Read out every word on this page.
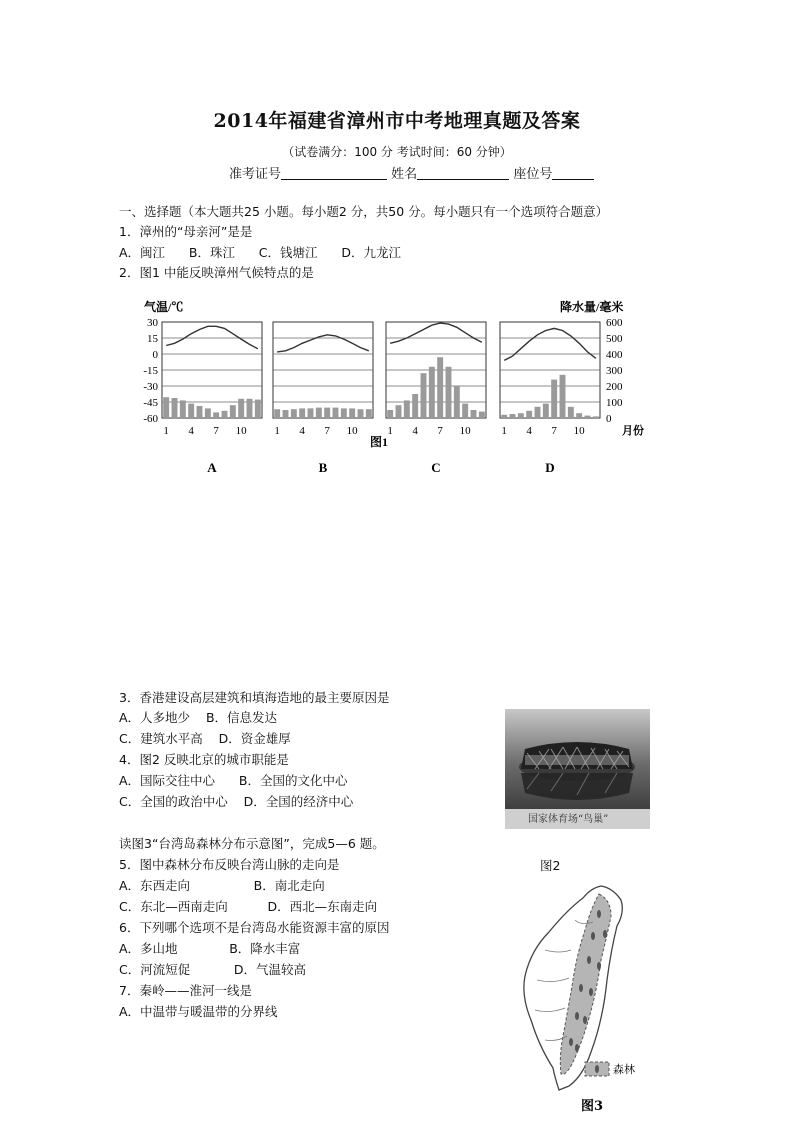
2014年福建省漳州市中考地理真题及答案
（试卷满分：100 分 考试时间：60 分钟）
准考证号	姓名	座位号
一、选择题（本大题共25 小题。每小题2 分，共50 分。每小题只有一个选项符合题意）
1．漳州的“母亲河”是是
A．闽江      B．珠江      C．钱塘江      D．九龙江
2．图1 中能反映漳州气候特点的是
气温/℃	降水量/毫米
30
15
0
-15
-30
-45
-60
600
500
400
300
200
100
0
月份
图1
1 4 7 10
A
1 4 7 10
B
1 4 7 10
C
1 4 7 10
D
3．香港建设高层建筑和填海造地的最主要原因是
A．人多地少    B．信息发达
C．建筑水平高    D．资金雄厚
4．图2 反映北京的城市职能是
A．国际交往中心      B．全国的文化中心
C．全国的政治中心    D．全国的经济中心
国家体育场“鸟巢”
图2
读图3“台湾岛森林分布示意图”，完成5—6 题。
5．图中森林分布反映台湾山脉的走向是
A．东西走向                B．南北走向
C．东北—西南走向          D．西北—东南走向
6．下列哪个选项不是台湾岛水能资源丰富的原因
A．多山地             B．降水丰富
C．河流短促           D．气温较高
7．秦岭——淮河一线是
A．中温带与暖温带的分界线
森林
图3
